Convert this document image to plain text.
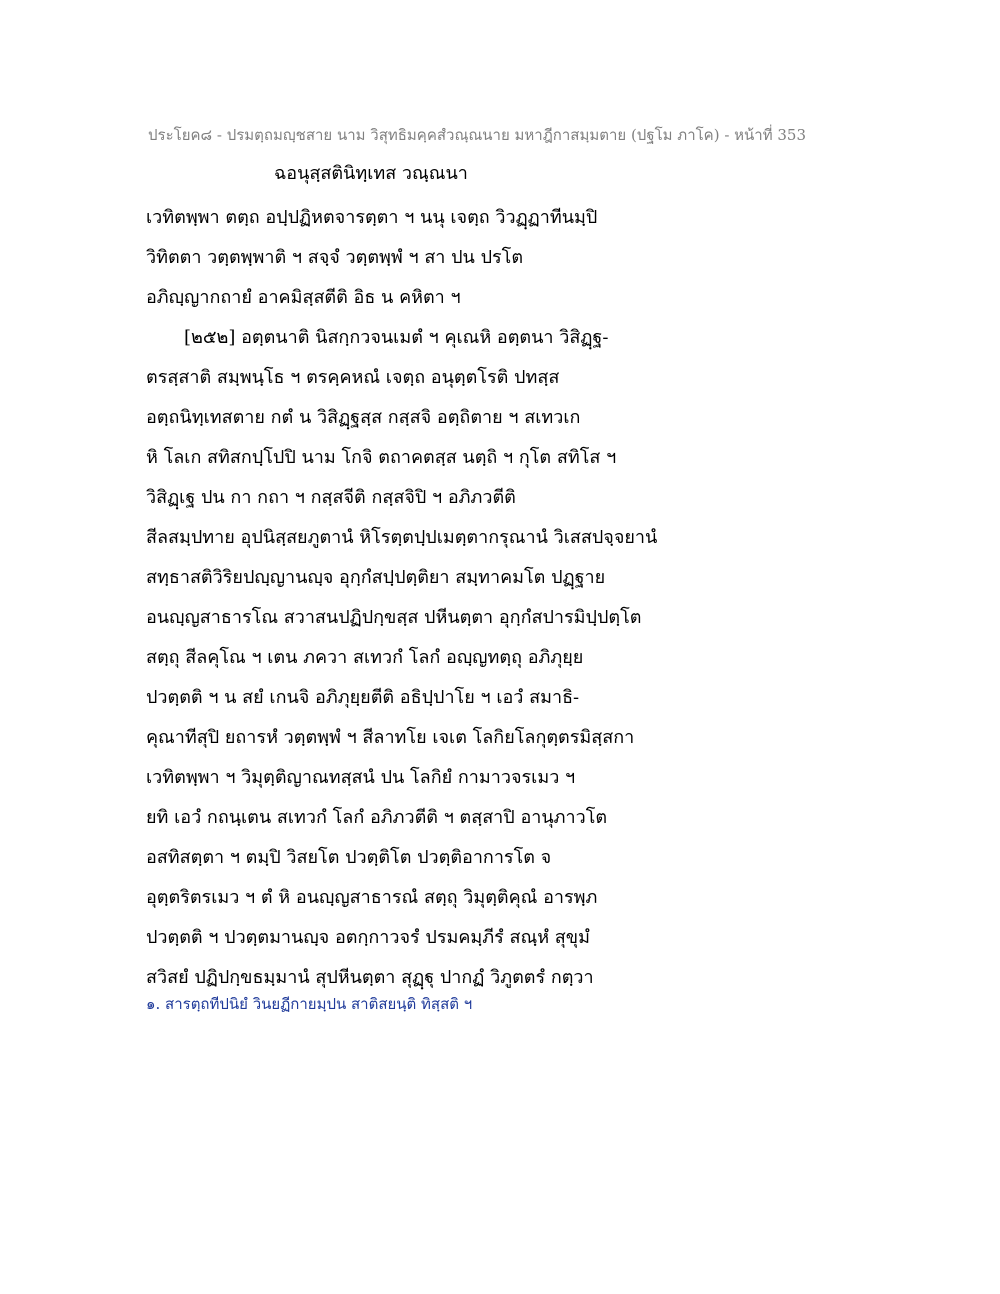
ประโยค๘ - ปรมตฺถมญฺชสาย นาม วิสุทธิมคฺคสํวณฺณนาย มหาฎีกาสมฺมตาย (ปฐโม ภาโค) - หน้าที่ 353
ฉอนุสฺสตินิทฺเทส วณฺณนา
เวทิตพฺพา ตตฺถ อปฺปฏิหตจารตฺตา ฯ นนุ เจตฺถ วิวฏฺฏาทีนมฺปิ
วิทิตตา วตฺตพฺพาติ ฯ สจฺจํ วตฺตพฺพํ ฯ สา ปน ปรโต
อภิญฺญากถายํ อาคมิสฺสตีติ อิธ น คหิตา ฯ
[๒๕๒] อตฺตนาติ นิสกฺกวจนเมตํ ฯ คุเณหิ อตฺตนา วิสิฏฺฐ-
ตรสฺสาติ สมฺพนฺโธ ฯ ตรคฺคหณํ เจตฺถ อนุตฺตโรติ ปทสฺส
อตฺถนิทฺเทสตาย กตํ น วิสิฏฺฐสฺส กสฺสจิ อตฺถิตาย ฯ สเทวเก
หิ โลเก สทิสกปฺโปปิ นาม โกจิ ตถาคตสฺส นตฺถิ ฯ กุโต สทิโส ฯ
วิสิฏฺเฐ ปน กา กถา ฯ กสฺสจีติ กสฺสจิปิ ฯ อภิภวตีติ
สีลสมฺปทาย อุปนิสฺสยภูตานํ หิโรตฺตปฺปเมตฺตากรุณานํ วิเสสปจฺจยานํ
สทฺธาสติวิริยปญฺญานญฺจ อุกฺกํสปฺปตฺติยา สมฺทาคมโต ปฏฺฐาย
อนญฺญสาธารโณ สวาสนปฏิปกฺขสฺส ปหีนตฺตา อุกฺกํสปารมิปฺปตฺโต
สตฺถุ สีลคุโณ ฯ เตน ภควา สเทวกํ โลกํ อญฺญทตฺถุ อภิภุยฺย
ปวตฺตติ ฯ น สยํ เกนจิ อภิภุยฺยตีติ อธิปฺปาโย ฯ เอวํ สมาธิ-
คุณาทีสุปิ ยถารหํ วตฺตพฺพํ ฯ สีลาทโย เจเต โลกิยโลกุตฺตรมิสฺสกา
เวทิตพฺพา ฯ วิมุตฺติญาณทสฺสนํ ปน โลกิยํ กามาวจรเมว ฯ
ยทิ เอวํ กถนฺเตน สเทวกํ โลกํ อภิภวตีติ ฯ ตสฺสาปิ อานุภาวโต
อสทิสตฺตา ฯ ตมฺปิ วิสยโต ปวตฺติโต ปวตฺติอาการโต จ
อุตฺตริตรเมว ฯ ตํ หิ อนญฺญสาธารณํ สตฺถุ วิมุตฺติคุณํ อารพฺภ
ปวตฺตติ ฯ ปวตฺตมานญฺจ อตกฺกาวจรํ ปรมคมฺภีรํ สณฺหํ สุขุมํ
สวิสยํ ปฏิปกฺขธมฺมานํ สุปหีนตฺตา สุฏฺฐุ ปากฏํ วิภูตตรํ กตฺวา
๑. สารตฺถทีปนิยํ วินยฏีกายมฺปน สาติสยนฺติ ทิสฺสติ ฯ
